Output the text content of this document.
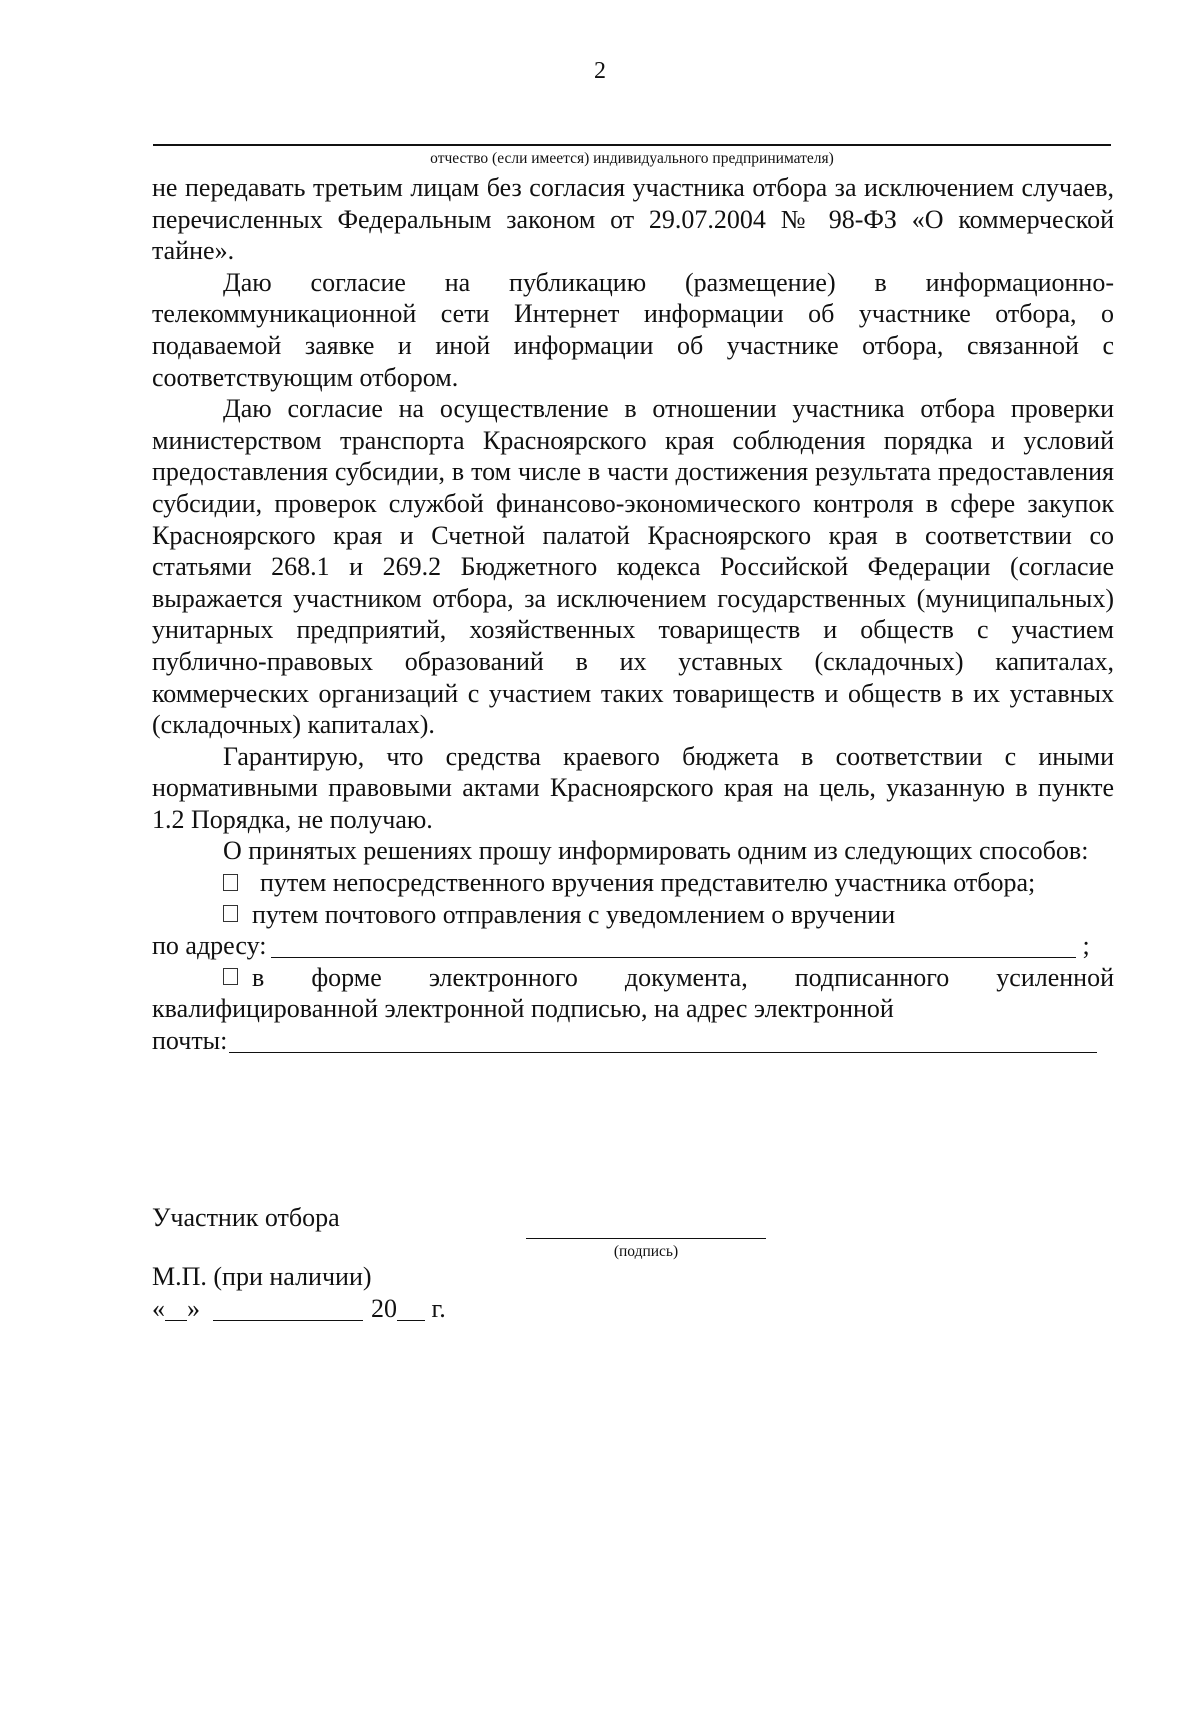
2
отчество (если имеется) индивидуального предпринимателя)

не передавать третьим лицам без согласия участника отбора за исключением случаев, перечисленных Федеральным законом от 29.07.2004 № 98-ФЗ «О коммерческой тайне».

Даю согласие на публикацию (размещение) в информационно-телекоммуникационной сети Интернет информации об участнике отбора, о подаваемой заявке и иной информации об участнике отбора, связанной с соответствующим отбором.

Даю согласие на осуществление в отношении участника отбора проверки министерством транспорта Красноярского края соблюдения порядка и условий предоставления субсидии, в том числе в части достижения результата предоставления субсидии, проверок службой финансово-экономического контроля в сфере закупок Красноярского края и Счетной палатой Красноярского края в соответствии со статьями 268.1 и 269.2 Бюджетного кодекса Российской Федерации (согласие выражается участником отбора, за исключением государственных (муниципальных) унитарных предприятий, хозяйственных товариществ и обществ с участием публично-правовых образований в их уставных (складочных) капиталах, коммерческих организаций с участием таких товариществ и обществ в их уставных (складочных) капиталах).

Гарантирую, что средства краевого бюджета в соответствии с иными нормативными правовыми актами Красноярского края на цель, указанную в пункте 1.2 Порядка, не получаю.

О принятых решениях прошу информировать одним из следующих способов:

путем непосредственного вручения представителю участника отбора;

путем почтового отправления с уведомлением о вручении

по адресу:	;

в форме электронного документа, подписанного усиленной квалифицированной электронной подписью, на адрес электронной

почты:

Участник отбора
(подпись)
М.П. (при наличии)
« »	20 г.
